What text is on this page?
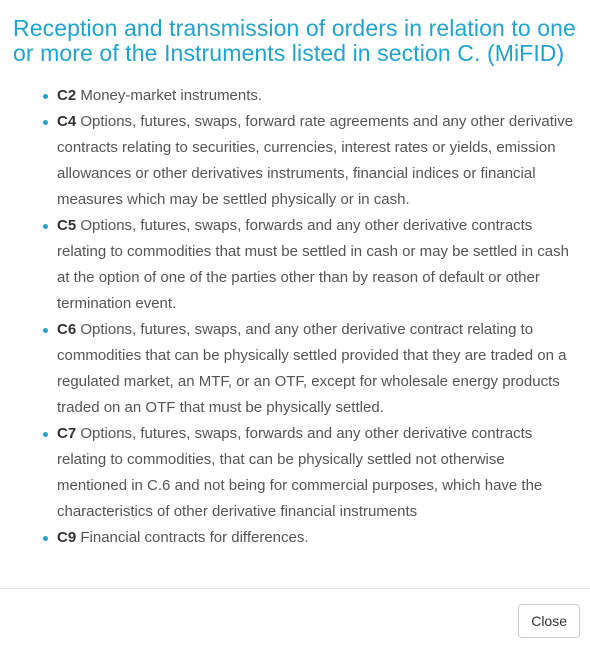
Reception and transmission of orders in relation to one or more of the Instruments listed in section C. (MiFID)
C2 Money-market instruments.
C4 Options, futures, swaps, forward rate agreements and any other derivative contracts relating to securities, currencies, interest rates or yields, emission allowances or other derivatives instruments, financial indices or financial measures which may be settled physically or in cash.
C5 Options, futures, swaps, forwards and any other derivative contracts relating to commodities that must be settled in cash or may be settled in cash at the option of one of the parties other than by reason of default or other termination event.
C6 Options, futures, swaps, and any other derivative contract relating to commodities that can be physically settled provided that they are traded on a regulated market, an MTF, or an OTF, except for wholesale energy products traded on an OTF that must be physically settled.
C7 Options, futures, swaps, forwards and any other derivative contracts relating to commodities, that can be physically settled not otherwise mentioned in C.6 and not being for commercial purposes, which have the characteristics of other derivative financial instruments
C9 Financial contracts for differences.
Close
